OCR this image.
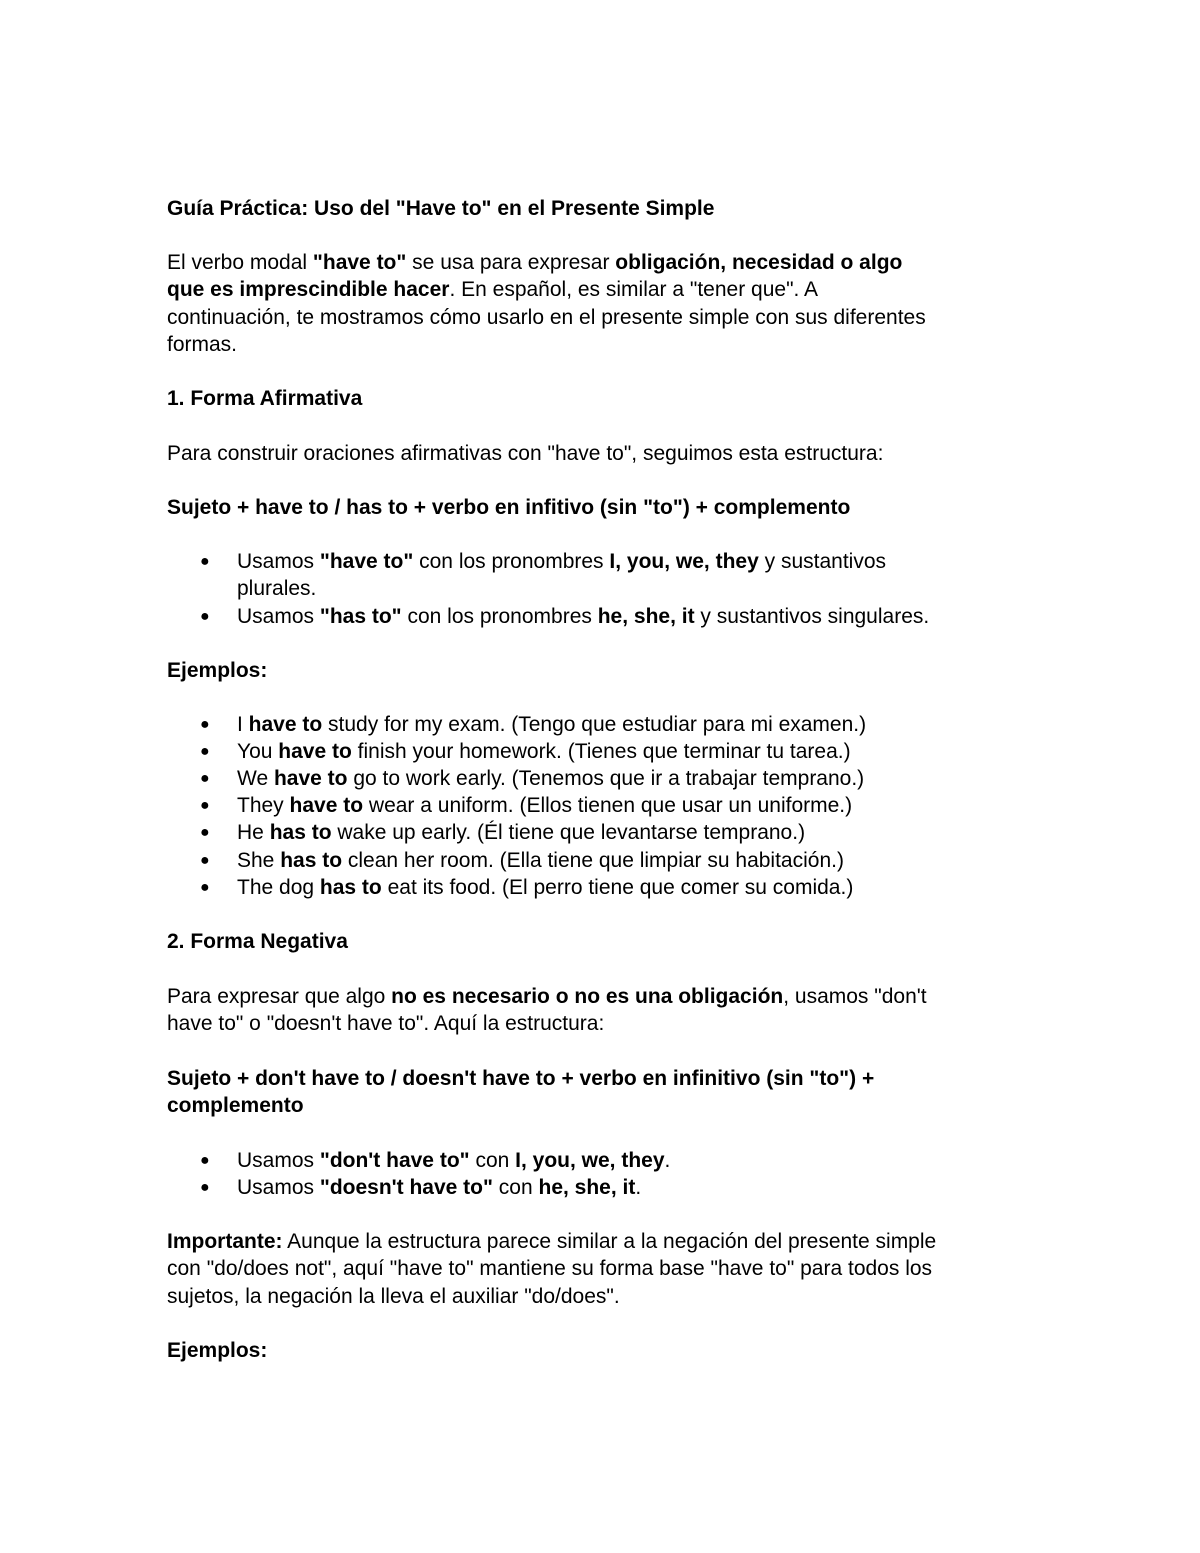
Guía Práctica: Uso del "Have to" en el Presente Simple
El verbo modal "have to" se usa para expresar obligación, necesidad o algo
que es imprescindible hacer. En español, es similar a "tener que". A
continuación, te mostramos cómo usarlo en el presente simple con sus diferentes
formas.
1. Forma Afirmativa
Para construir oraciones afirmativas con "have to", seguimos esta estructura:
Sujeto + have to / has to + verbo en infitivo (sin "to") + complemento
● Usamos "have to" con los pronombres I, you, we, they y sustantivos
plurales.
● Usamos "has to" con los pronombres he, she, it y sustantivos singulares.
Ejemplos:
● I have to study for my exam. (Tengo que estudiar para mi examen.)
● You have to finish your homework. (Tienes que terminar tu tarea.)
● We have to go to work early. (Tenemos que ir a trabajar temprano.)
● They have to wear a uniform. (Ellos tienen que usar un uniforme.)
● He has to wake up early. (Él tiene que levantarse temprano.)
● She has to clean her room. (Ella tiene que limpiar su habitación.)
● The dog has to eat its food. (El perro tiene que comer su comida.)
2. Forma Negativa
Para expresar que algo no es necesario o no es una obligación, usamos "don't
have to" o "doesn't have to". Aquí la estructura:
Sujeto + don't have to / doesn't have to + verbo en infinitivo (sin "to") +
complemento
● Usamos "don't have to" con I, you, we, they.
● Usamos "doesn't have to" con he, she, it.
Importante: Aunque la estructura parece similar a la negación del presente simple
con "do/does not", aquí "have to" mantiene su forma base "have to" para todos los
sujetos, la negación la lleva el auxiliar "do/does".
Ejemplos:
